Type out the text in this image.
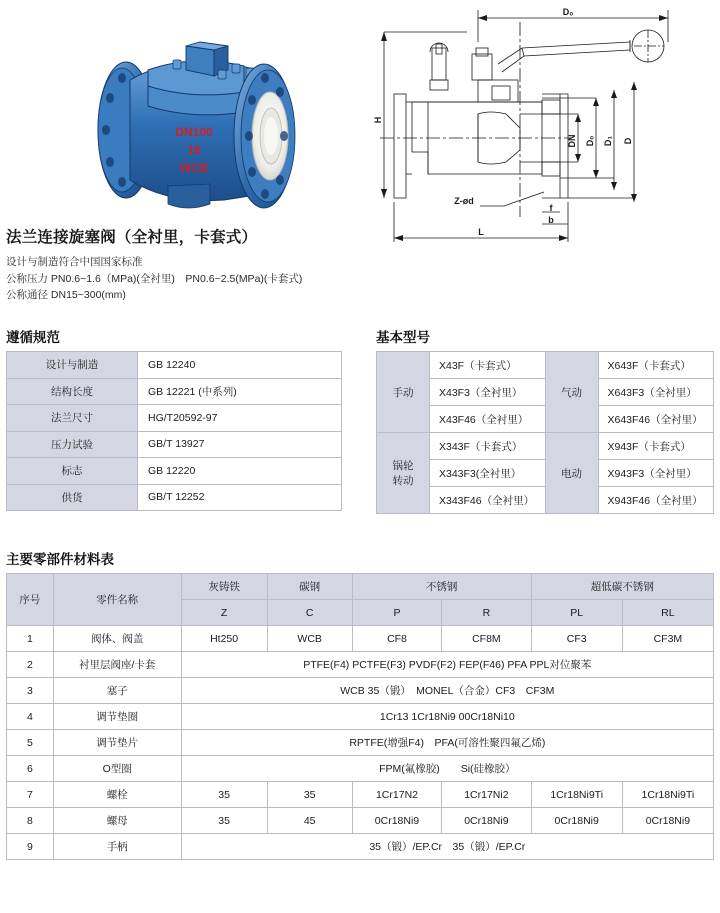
DN100
16
WCB
D₀
H
L
DN D₀ D₁ D
Z-ød
f
b
法兰连接旋塞阀（全衬里，卡套式）
设计与制造符合中国国家标准
公称压力 PN0.6~1.6（MPa)(全衬里)　PN0.6~2.5(MPa)(卡套式)
公称通径 DN15~300(mm)
遵循规范
设计与制造	GB 12240
结构长度	GB 12221 (中系列)
法兰尺寸	HG/T20592-97
压力试验	GB/T 13927
标志	GB 12220
供货	GB/T 12252
基本型号
手动	X43F（卡套式）	气动	X643F（卡套式）
	X43F3（全衬里）		X643F3（全衬里）
	X43F46（全衬里）		X643F46（全衬里）

锅轮
转动	X343F（卡套式）	电动	X943F（卡套式）
	X343F3(全衬里）		X943F3（全衬里）
	X343F46（全衬里）		X943F46（全衬里）
主要零部件材料表
序号	零件名称	灰铸铁	碳钢	不锈钢		超低碳不锈钢	
		Z	C	P	R	PL	RL
1	阀体、阀盖	Ht250	WCB	CF8	CF8M	CF3	CF3M
2	衬里层阀座/卡套	PTFE(F4) PCTFE(F3) PVDF(F2) FEP(F46) PFA PPL对位聚苯					
3	塞子	WCB 35（锻）　MONEL（合金）CF3　CF3M					
4	调节垫圈	1Cr13 1Cr18Ni9 00Cr18Ni10					
5	调节垫片	RPTFE(增强F4)　PFA(可溶性聚四氟乙烯)					
6	O型圈	FPM(氟橡胶)　　Si(硅橡胶）					
7	螺栓	35	35	1Cr17N2	1Cr17Ni2	1Cr18Ni9Ti	1Cr18Ni9Ti
8	螺母	35	45	0Cr18Ni9	0Cr18Ni9	0Cr18Ni9	0Cr18Ni9
9	手柄	35（锻）/EP.Cr　35（锻）/EP.Cr					
